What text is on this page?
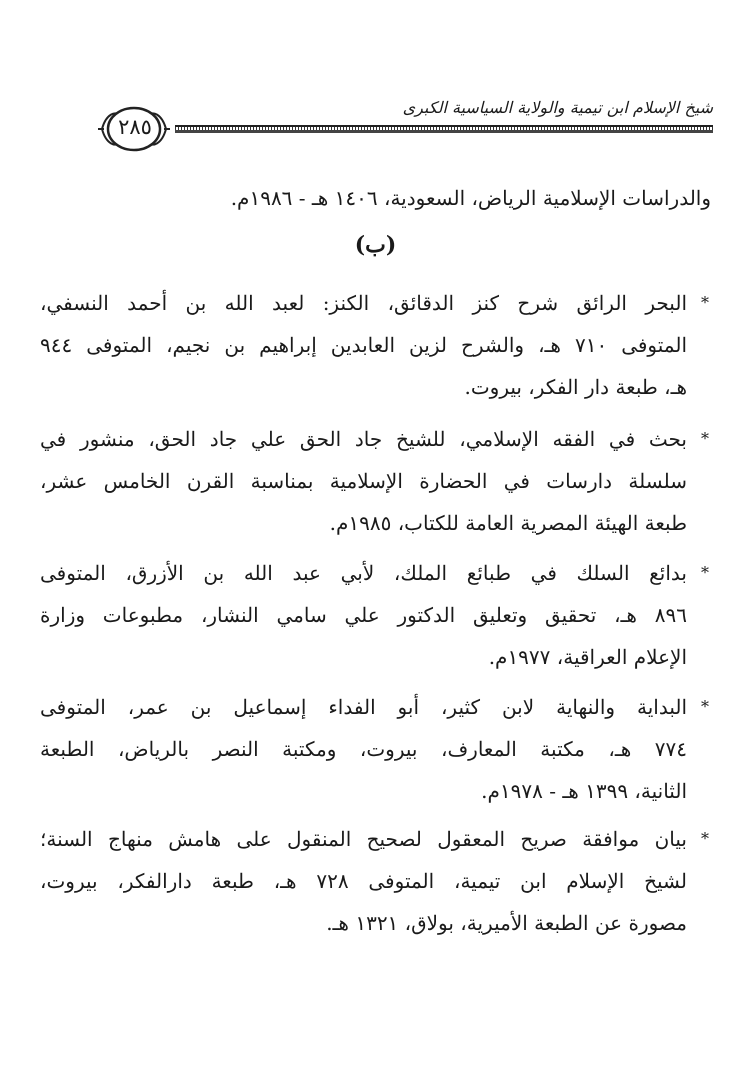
شيخ الإسلام ابن تيمية والولاية السياسية الكبرى
٢٨٥
والدراسات الإسلامية الرياض، السعودية، ١٤٠٦ هـ - ١٩٨٦م.
(ب)
*
البحر الرائق شرح كنز الدقائق، الكنز: لعبد الله بن أحمد النسفي،
المتوفى ٧١٠ هـ، والشرح لزين العابدين إبراهيم بن نجيم، المتوفى ٩٤٤
هـ، طبعة دار الفكر، بيروت.
*
بحث في الفقه الإسلامي، للشيخ جاد الحق علي جاد الحق، منشور في
سلسلة دارسات في الحضارة الإسلامية بمناسبة القرن الخامس عشر،
طبعة الهيئة المصرية العامة للكتاب، ١٩٨٥م.
*
بدائع السلك في طبائع الملك، لأبي عبد الله بن الأزرق، المتوفى
٨٩٦ هـ، تحقيق وتعليق الدكتور علي سامي النشار، مطبوعات وزارة
الإعلام العراقية، ١٩٧٧م.
*
البداية والنهاية لابن كثير، أبو الفداء إسماعيل بن عمر، المتوفى
٧٧٤ هـ، مكتبة المعارف، بيروت، ومكتبة النصر بالرياض، الطبعة
الثانية، ١٣٩٩ هـ - ١٩٧٨م.
*
بيان موافقة صريح المعقول لصحيح المنقول على هامش منهاج السنة؛
لشيخ الإسلام ابن تيمية، المتوفى ٧٢٨ هـ، طبعة دارالفكر، بيروت،
مصورة عن الطبعة الأميرية، بولاق، ١٣٢١ هـ.
